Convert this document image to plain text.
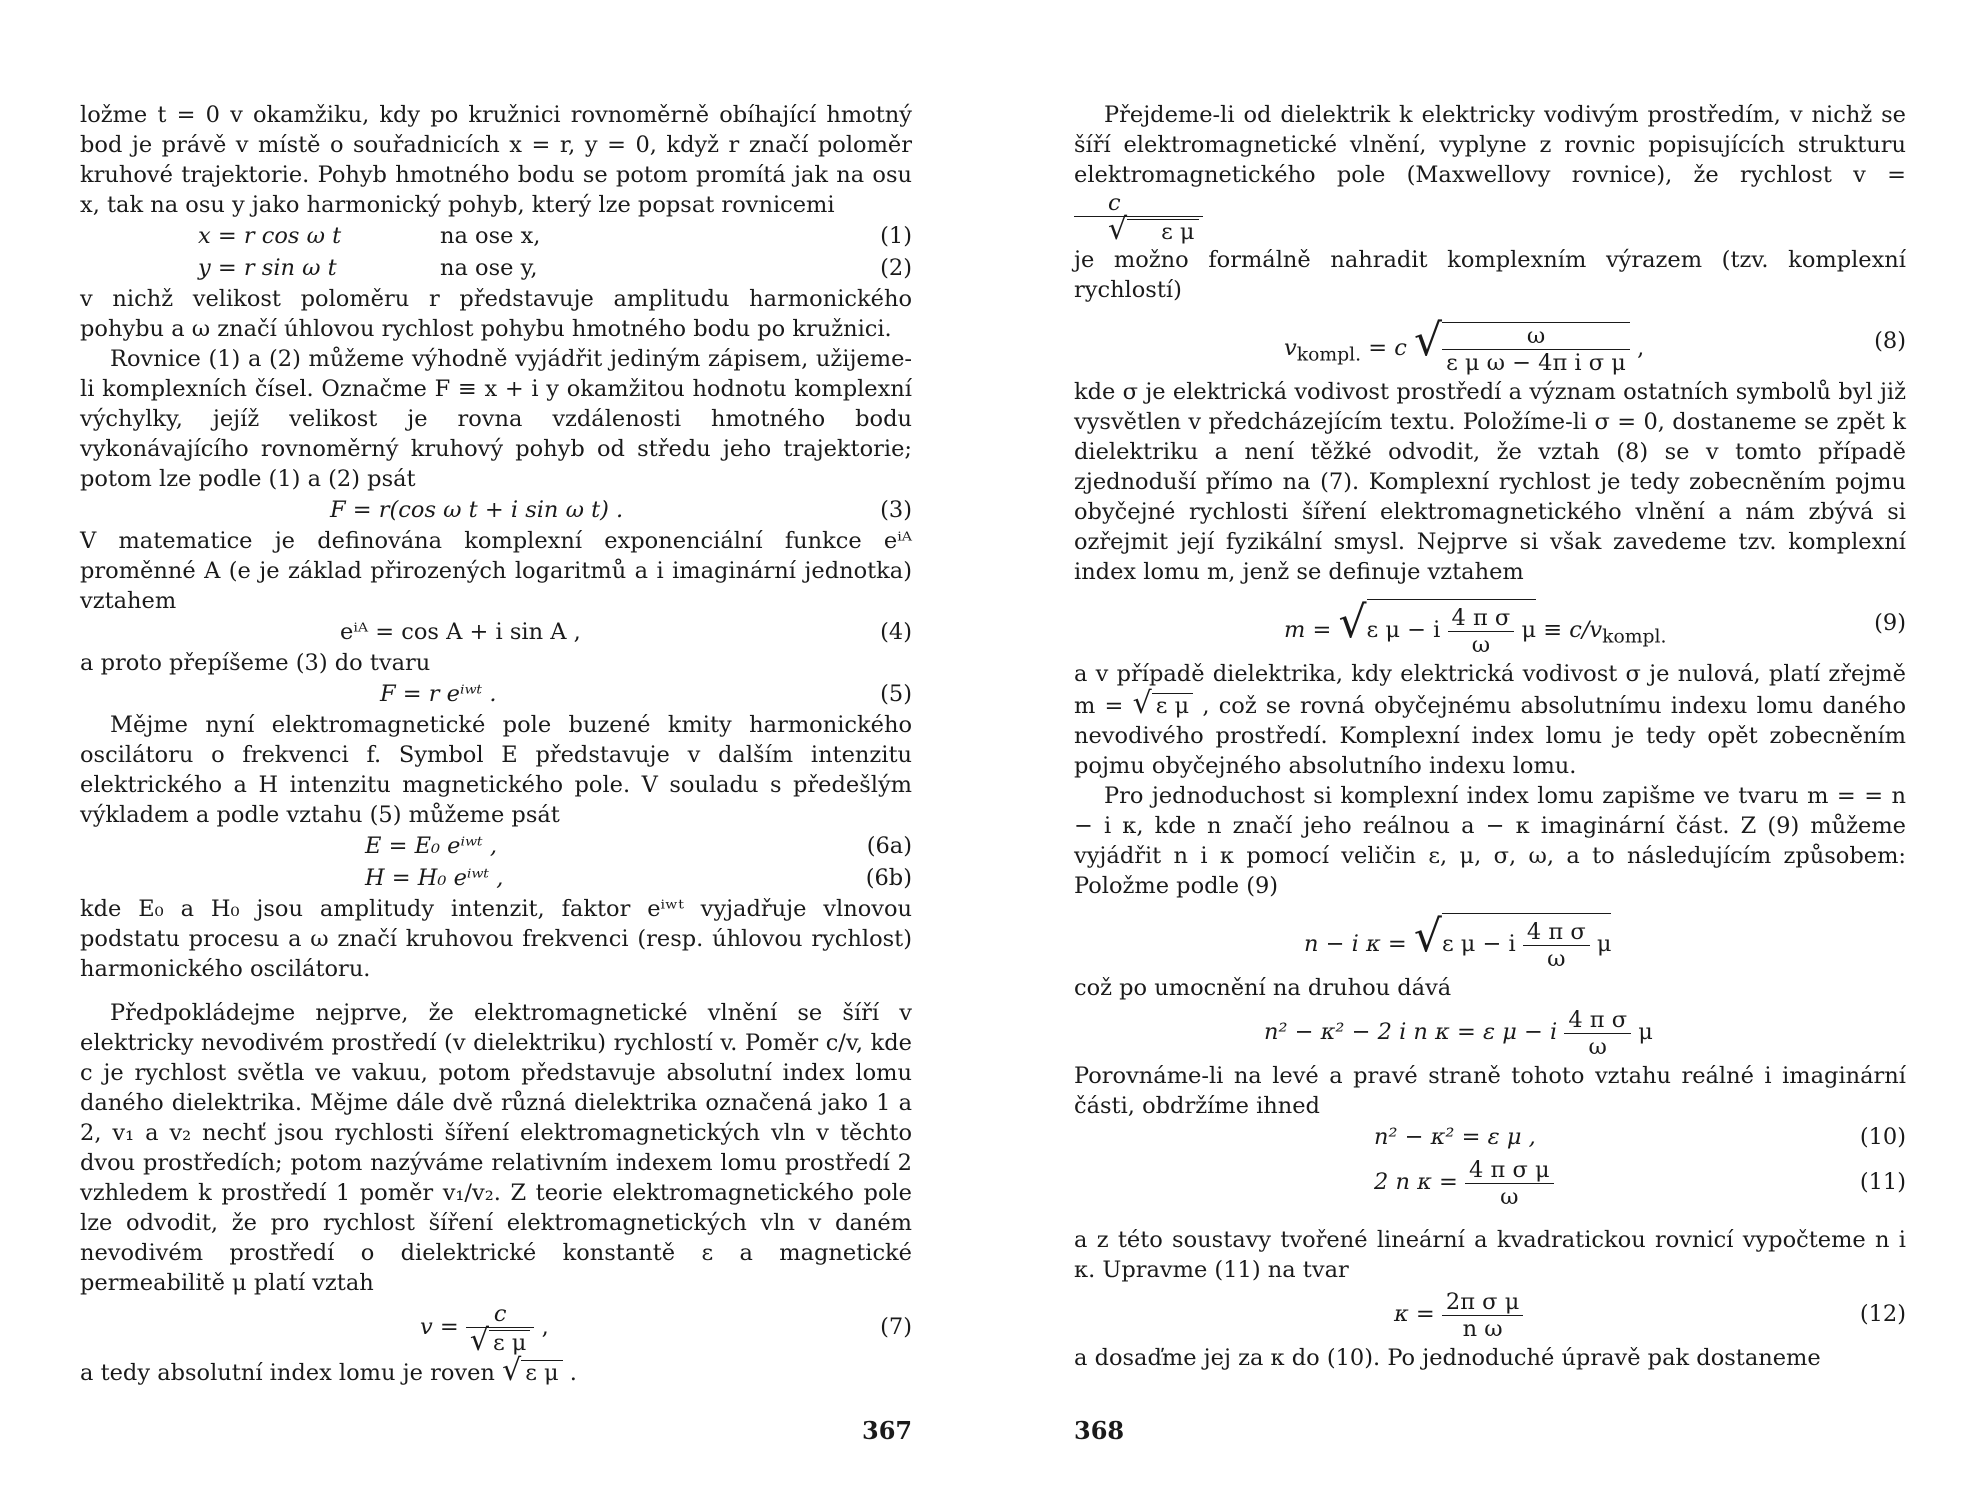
ložme t = 0 v okamžiku, kdy po kružnici rovnoměrně obíhající hmotný bod je právě v místě o souřadnicích x = r, y = 0, když r značí poloměr kruhové trajektorie. Pohyb hmotného bodu se potom promítá jak na osu x, tak na osu y jako harmonický pohyb, který lze popsat rovnicemi

x = r cos ω t	na ose x,	(1)
y = r sin ω t	na ose y,	(2)

v nichž velikost poloměru r představuje amplitudu harmonického pohybu a ω značí úhlovou rychlost pohybu hmotného bodu po kružnici.

Rovnice (1) a (2) můžeme výhodně vyjádřit jediným zápisem, užijeme-li komplexních čísel. Označme F ≡ x + i y okamžitou hodnotu komplexní výchylky, jejíž velikost je rovna vzdálenosti hmotného bodu vykonávajícího rovnoměrný kruhový pohyb od středu jeho trajektorie; potom lze podle (1) a (2) psát

F = r(cos ω t + i sin ω t) .	(3)

V matematice je definována komplexní exponenciální funkce eⁱᴬ proměnné A (e je základ přirozených logaritmů a i imaginární jednotka) vztahem

eⁱᴬ = cos A + i sin A ,	(4)

a proto přepíšeme (3) do tvaru

F = r eⁱʷᵗ .	(5)

Mějme nyní elektromagnetické pole buzené kmity harmonického oscilátoru o frekvenci f. Symbol E představuje v dalším intenzitu elektrického a H intenzitu magnetického pole. V souladu s předešlým výkladem a podle vztahu (5) můžeme psát

E = E₀ eⁱʷᵗ ,	(6a)
H = H₀ eⁱʷᵗ ,	(6b)

kde E₀ a H₀ jsou amplitudy intenzit, faktor eⁱʷᵗ vyjadřuje vlnovou podstatu procesu a ω značí kruhovou frekvenci (resp. úhlovou rychlost) harmonického oscilátoru.

Předpokládejme nejprve, že elektromagnetické vlnění se šíří v elektricky nevodivém prostředí (v dielektriku) rychlostí v. Poměr c/v, kde c je rychlost světla ve vakuu, potom představuje absolutní index lomu daného dielektrika. Mějme dále dvě různá dielektrika označená jako 1 a 2, v₁ a v₂ nechť jsou rychlosti šíření elektromagnetických vln v těchto dvou prostředích; potom nazýváme relativním indexem lomu prostředí 2 vzhledem k prostředí 1 poměr v₁/v₂. Z teorie elektromagnetického pole lze odvodit, že pro rychlost šíření elektromagnetických vln v daném nevodivém prostředí o dielektrické konstantě ε a magnetické permeabilitě μ platí vztah

$v = \frac{c}{\text{√ ε μ}}$ ,	(7)

a tedy absolutní index lomu je roven √ ε μ .

367

Přejdeme-li od dielektrik k elektricky vodivým prostředím, v nichž se šíří elektromagnetické vlnění, vyplyne z rovnic popisujících strukturu elektromagnetického pole (Maxwellovy rovnice), že rychlost v =
$\frac{c}{\text{√ ε μ}}$

je možno formálně nahradit komplexním výrazem (tzv. komplexní rychlostí)

$v_{kompl.} = c$ √ $\frac{\omega}{\text{ε μ ω − 4π i σ μ}}$ ,	(8)

kde σ je elektrická vodivost prostředí a význam ostatních symbolů byl již vysvětlen v předcházejícím textu. Položíme-li σ = 0, dostaneme se zpět k dielektriku a není těžké odvodit, že vztah (8) se v tomto případě zjednoduší přímo na (7). Komplexní rychlost je tedy zobecněním pojmu obyčejné rychlosti šíření elektromagnetického vlnění a nám zbývá si ozřejmit její fyzikální smysl. Nejprve si však zavedeme tzv. komplexní index lomu m, jenž se definuje vztahem

m = √ε μ − i $\frac{\text{4 π σ}}{\omega}$ $\mu \equiv c/v_{kompl.}$
(9)

a v případě dielektrika, kdy elektrická vodivost σ je nulová, platí zřejmě m = √ ε μ , což se rovná obyčejnému absolutnímu indexu lomu daného nevodivého prostředí. Komplexní index lomu je tedy opět zobecněním pojmu obyčejného absolutního indexu lomu.

Pro jednoduchost si komplexní index lomu zapišme ve tvaru m = = n − i κ, kde n značí jeho reálnou a − κ imaginární část. Z (9) můžeme vyjádřit n i κ pomocí veličin ε, μ, σ, ω, a to následujícím způsobem: Položme podle (9)

n − i κ = √ε μ − i $\frac{\text{4 π σ}}{\omega}$ μ

což po umocnění na druhou dává

n² − κ² − 2 i n κ = ε μ − i $\frac{\text{4 π σ}}{\omega}$ μ

Porovnáme-li na levé a pravé straně tohoto vztahu reálné i imaginární části, obdržíme ihned

n² − κ² = ε μ ,	(10)
2 n $\kappa = \frac{\text{4 π σ μ}}{\omega}$	(11)

a z této soustavy tvořené lineární a kvadratickou rovnicí vypočteme n i κ. Upravme (11) na tvar

$\kappa = \frac{\text{2π σ μ}}{\text{n ω}}$	(12)

a dosaďme jej za κ do (10). Po jednoduché úpravě pak dostaneme

368
